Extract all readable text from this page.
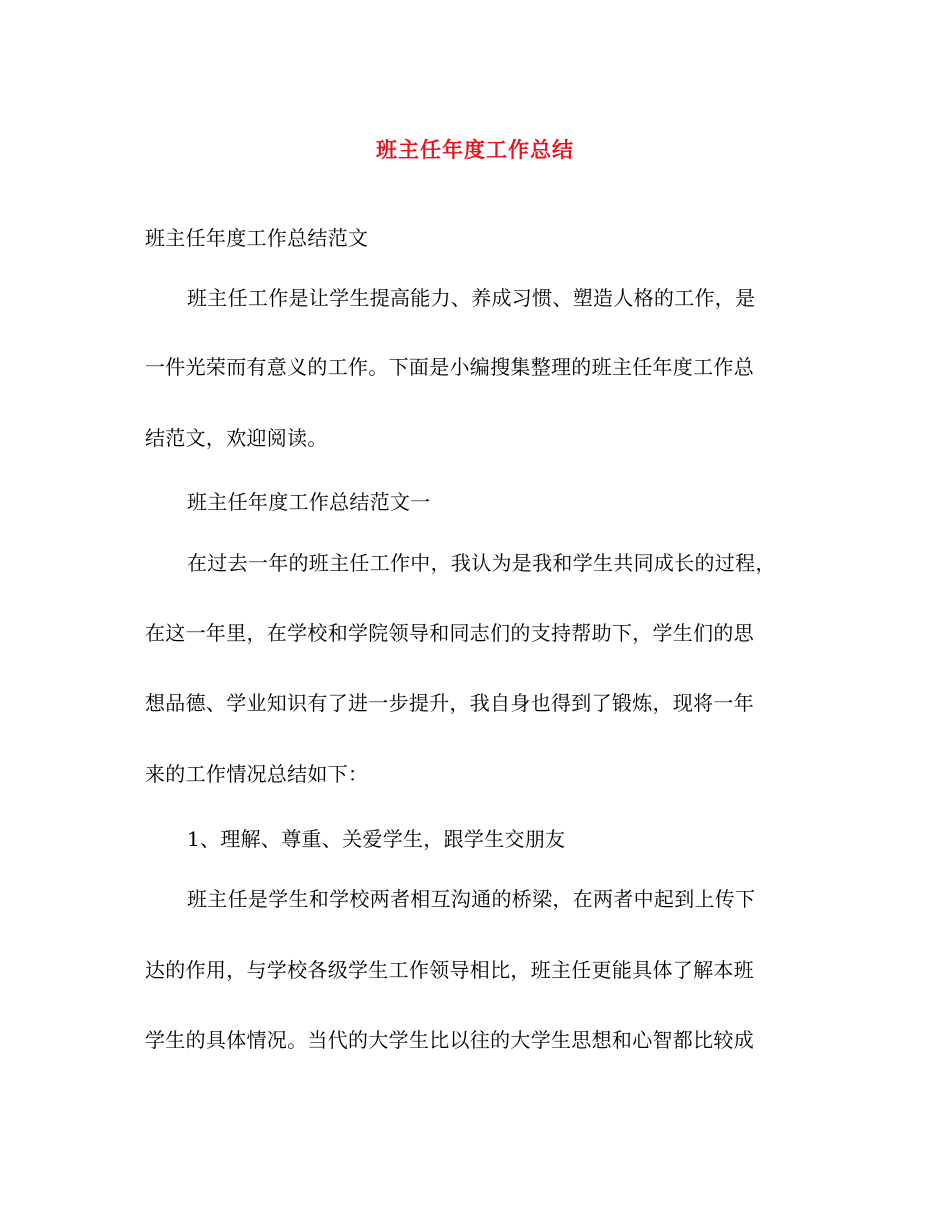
班主任年度工作总结
班主任年度工作总结范文
班主任工作是让学生提高能力、养成习惯、塑造人格的工作，是
一件光荣而有意义的工作。下面是小编搜集整理的班主任年度工作总
结范文，欢迎阅读。
班主任年度工作总结范文一
在过去一年的班主任工作中，我认为是我和学生共同成长的过程，
在这一年里，在学校和学院领导和同志们的支持帮助下，学生们的思
想品德、学业知识有了进一步提升，我自身也得到了锻炼，现将一年
来的工作情况总结如下：
1、理解、尊重、关爱学生，跟学生交朋友
班主任是学生和学校两者相互沟通的桥梁，在两者中起到上传下
达的作用，与学校各级学生工作领导相比，班主任更能具体了解本班
学生的具体情况。当代的大学生比以往的大学生思想和心智都比较成
